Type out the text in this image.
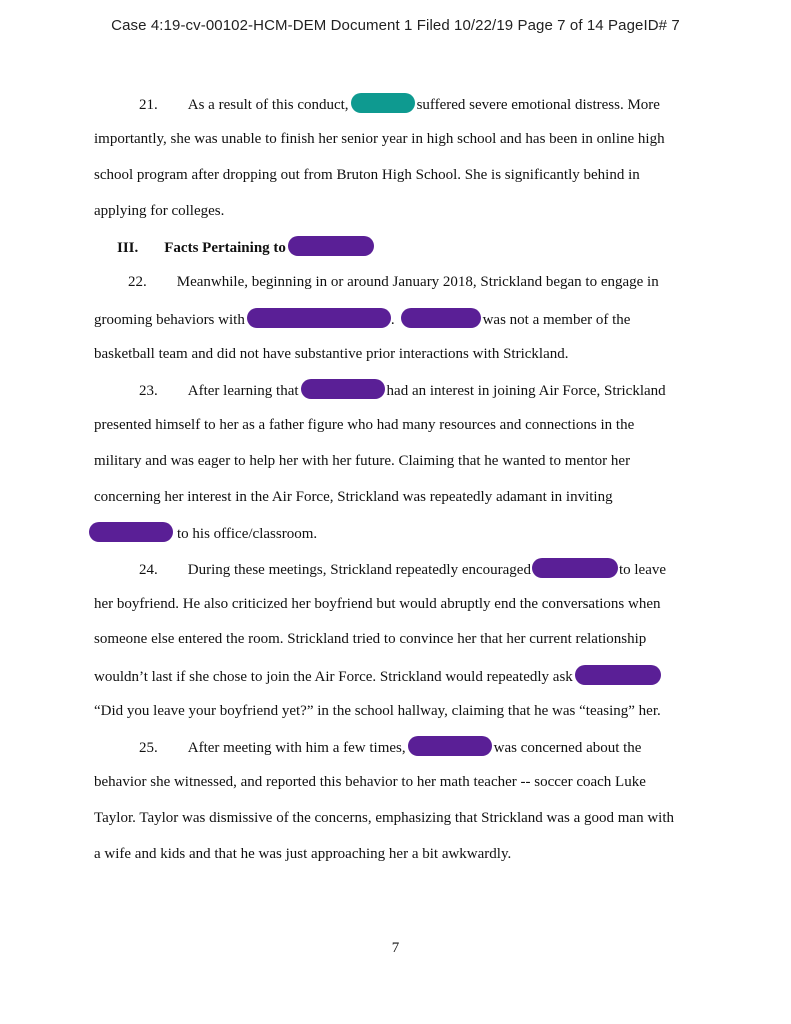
Case 4:19-cv-00102-HCM-DEM Document 1 Filed 10/22/19 Page 7 of 14 PageID# 7
21. As a result of this conduct,	suffered severe emotional distress. More
importantly, she was unable to finish her senior year in high school and has been in online high
school program after dropping out from Bruton High School. She is significantly behind in
applying for colleges.
III. Facts Pertaining to
22. Meanwhile, beginning in or around January 2018, Strickland began to engage in
grooming behaviors with	.	was not a member of the
basketball team and did not have substantive prior interactions with Strickland.
23. After learning that	had an interest in joining Air Force, Strickland
presented himself to her as a father figure who had many resources and connections in the
military and was eager to help her with her future. Claiming that he wanted to mentor her
concerning her interest in the Air Force, Strickland was repeatedly adamant in inviting
to his office/classroom.
24. During these meetings, Strickland repeatedly encouraged	to leave
her boyfriend. He also criticized her boyfriend but would abruptly end the conversations when
someone else entered the room. Strickland tried to convince her that her current relationship
wouldn’t last if she chose to join the Air Force. Strickland would repeatedly ask
“Did you leave your boyfriend yet?” in the school hallway, claiming that he was “teasing” her.
25. After meeting with him a few times,	was concerned about the
behavior she witnessed, and reported this behavior to her math teacher -- soccer coach Luke
Taylor. Taylor was dismissive of the concerns, emphasizing that Strickland was a good man with
a wife and kids and that he was just approaching her a bit awkwardly.
7
